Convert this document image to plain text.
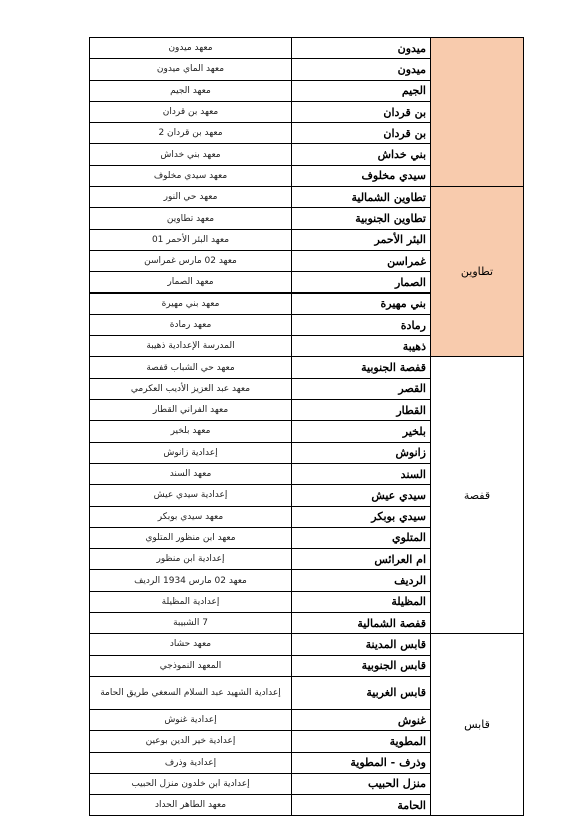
معهد ميدون	ميدون	
معهد الماي ميدون	ميدون	
معهد الجيم	الجيم	
معهد بن قردان	بن قردان	
معهد بن قردان 2	بن قردان	
معهد بني خداش	بني خداش	
معهد سيدي مخلوف	سيدي مخلوف	
معهد حي النور	تطاوين الشمالية	تطاوين
معهد تطاوين	تطاوين الجنوبية	
معهد البئر الأحمر 01	البئر الأحمر	
معهد 02 مارس غمراسن	غمراسن	
معهد الصمار	الصمار	
معهد بني مهيرة	بني مهيرة	
معهد رمادة	رمادة	
المدرسة الإعدادية ذهيبة	ذهيبة	
معهد حي الشباب قفصة	قفصة الجنوبية	قفصة
معهد عبد العزيز الأديب العكرمي	القصر	
معهد الفراني القطار	القطار	
معهد بلخير	بلخير	
إعدادية زانوش	زانوش	
معهد السند	السند	
إعدادية سيدي عيش	سيدي عيش	
معهد سيدي بوبكر	سيدي بوبكر	
معهد ابن منظور المتلوي	المتلوي	
إعدادية ابن منظور	ام العرائس	
معهد 02 مارس 1934 الرديف	الرديف	
إعدادية المظيلة	المظيلة	
7 الشبيبة	قفصة الشمالية	
معهد حشاد	قابس المدينة	قابس
المعهد النموذجي	قابس الجنوبية	
إعدادية الشهيد عبد السلام السعغي طريق الحامة	قابس الغربية	
إعدادية غنوش	غنوش	
إعدادية خير الدين بوعين	المطوية	
إعدادية وذرف	وذرف - المطوية	
إعدادية ابن خلدون منزل الحبيب	منزل الحبيب	
معهد الطاهر الحداد	الحامة	
